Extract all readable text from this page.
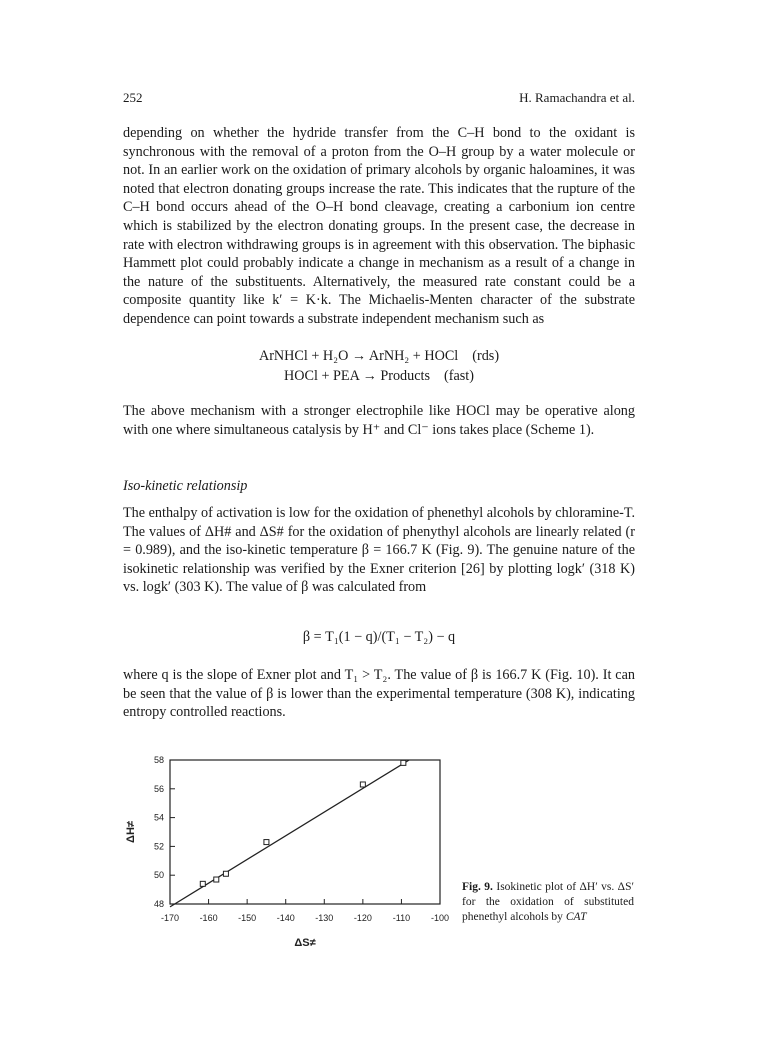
252	H. Ramachandra et al.
depending on whether the hydride transfer from the C–H bond to the oxidant is synchronous with the removal of a proton from the O–H group by a water molecule or not. In an earlier work on the oxidation of primary alcohols by organic haloamines, it was noted that electron donating groups increase the rate. This indicates that the rupture of the C–H bond occurs ahead of the O–H bond cleavage, creating a carbonium ion centre which is stabilized by the electron donating groups. In the present case, the decrease in rate with electron withdrawing groups is in agreement with this observation. The biphasic Hammett plot could probably indicate a change in mechanism as a result of a change in the nature of the substituents. Alternatively, the measured rate constant could be a composite quantity like k′ = K·k. The Michaelis-Menten character of the substrate dependence can point towards a substrate independent mechanism such as
ArNHCl + H₂O → ArNH₂ + HOCl (rds)
HOCl + PEA → Products (fast)
The above mechanism with a stronger electrophile like HOCl may be operative along with one where simultaneous catalysis by H⁺ and Cl⁻ ions takes place (Scheme 1).
Iso-kinetic relationsip
The enthalpy of activation is low for the oxidation of phenethyl alcohols by chloramine-T. The values of ΔH# and ΔS# for the oxidation of phenythyl alcohols are linearly related (r = 0.989), and the iso-kinetic temperature β = 166.7 K (Fig. 9). The genuine nature of the isokinetic relationship was verified by the Exner criterion [26] by plotting logk′ (318 K) vs. logk′ (303 K). The value of β was calculated from
β = T₁(1 − q)/(T₁ − T₂) − q
where q is the slope of Exner plot and T₁ > T₂. The value of β is 166.7 K (Fig. 10). It can be seen that the value of β is lower than the experimental temperature (308 K), indicating entropy controlled reactions.
-170 -160 -150 -140 -130 -120 -110 -100
48
50
52
54
56
58
ΔS≠
ΔH≠
Fig. 9. Isokinetic plot of ΔH′ vs. ΔS′ for the oxidation of substituted phenethyl alcohols by CAT
